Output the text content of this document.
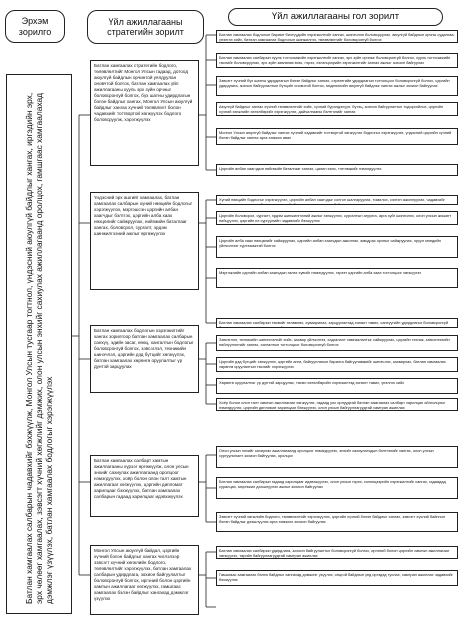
Эрхэм зорилго
Үйл ажиллагааны стратегийн зорилт
Үйл ажиллагааны гол зорилт
Батлан хамгаалах салбарын чадавхийг бэхжүүлж, Монгол Улсын тусгаар тогтнол, үндэсний аюулгүй байдлыг хангах, иргэдийн эрх, эрх чөлөөг хамгаалах, зэвсэгт хүчний хөгжлийг дэмжих, олон улсын энхийг сахиулах ажиллагаанд оролцох, гамшгаас хамгаалахад дэмжлэг үзүүлэх, батлан хамгаалах бодлогыг хэрэгжүүлэх
Батлан хамгаалах стратегийн бодлого, төлөвлөлтийг Монгол Улсын гадаад, дотоод аюулгүй байдлын орчинтой уялдуулан оновчтой болгох, батлан хамгаалах үйл ажиллагааны хууль эрх зүйн орчныг боловсронгуй болгох, бүх шатны удирдлагын бэлэн байдлыг хангах, Монгол Улсын аюулгүй байдлыг хангах хүчний төлөвлөлт болон чадавхийг тогтвортой хөгжүүлэх бодлого боловсруулж, хэрэгжүүлэх
Үндэсний эрх ашгийг хамгаалах, батлан хамгаалах салбарын хүний нөөцийн бодлогыг хэрэгжүүлэх, мэргэшсэн цэргийн албан хаагчдыг бэлтгэх, цэргийн алба хаах нөхцөлийг сайжруулах, нийгмийн баталгааг хангах, боловсрол, сургалт, эрдэм шинжилгээний ажлыг өргөжүүлэх
Батлан хамгаалах бодлогын хэрэгжилтийг хангах зорилгоор батлан хамгаалах салбарын санхүү, эдийн засаг, нөөц, хангалтын бодлогыг боловсронгуй болгох, зэвсэглэл, техникийн шинэчлэл, цэргийн дэд бүтцийг хөгжүүлэх, батлан хамгаалах хөрөнгө оруулалтыг үр дүнтэй зарцуулах
Батлан хамгаалах салбарт хамтын ажиллагааны хүрээг өргөжүүлж, олон улсын энхийг сахиулах ажиллагаанд оролцоог нэмэгдүүлэх, хоёр болон олон талт хамтын ажиллагааг хөгжүүлэх, цэргийн дипломат харилцааг бэхжүүлэх, батлан хамгаалах салбарын гадаад харилцааг идэвхжүүлэх
Монгол Улсын аюулгүй байдал, цэргийн хүчний бэлэн байдлыг хангах чиглэлээр зэвсэгт хүчний хөгжлийн бодлого, төлөвлөлтийг хэрэгжүүлэх, батлан хамгаалах салбарын удирдлага, зохион байгуулалтыг боловсронгуй болгох, иргэний болон цэргийн хамтын ажиллагааг хөгжүүлэх, гамшгаас хамгаалах бэлэн байдлыг хангахад дэмжлэг үзүүлэх
Батлан хамгаалах бодлогын баримт бичгүүдийн хэрэгжилтийг хангах, шинэчлэн боловсруулах, аюулгүй байдлын орчны судалгаа, үнэлгээ хийх, батлан хамгаалах бодлогын шинжилгээ, төлөвлөлтийг боловсронгуй болгох
Батлан хамгаалах салбарын хууль тогтоомжийн хэрэгжилтийг хангах, эрх зүйн орчныг боловсронгуй болгох, хууль тогтоомжийн төслийг боловсруулах, эрх зүйн зөвлөгөө өгөх, гэрээ, хэлэлцээрийн хэрэгжилтийг хангах ажлыг зохион байгуулах
Зэвсэгт хүчний бүх шатны удирдлагын бэлэн байдлыг хангах, стратегийн удирдлагын тогтолцоог боловсронгуй болгох, цэргийн удирдлага, зохион байгуулалтын бүтцийг оновчтой болгох, мэдээллийн аюулгүй байдлыг хангах ажлыг зохион байгуулах
Аюулгүй байдлыг хангах хүчний төлөвлөлтийг хийх, хүчний бүрэлдэхүүн, бүтэц, зохион байгуулалтыг тодорхойлох, цэргийн хүчний хөгжлийн хөтөлбөрийг хэрэгжүүлэх, дайчилгааны бэлтгэлийг хангах
Монгол Улсын аюулгүй байдлыг хангах хүчний чадавхийг тогтвортой хөгжүүлэх бодлогыг хэрэгжүүлэх, үндэсний цэргийн хүчний бэлэн байдлыг хангах арга хэмжээ авах
Цэргийн албан хаагчдын нийгмийн баталгааг хангах, цалин хөлс, тэтгэмжийг нэмэгдүүлэх
Хүний нөөцийн бодлогыг хэрэгжүүлэх, цэргийн албан хаагчдыг сонгон шалгаруулах, томилох, сэлгэн ажиллуулах, чадавхийг бэхжүүлэх, мэргэшсэн боловсон хүчнийг бэлтгэх ажлыг зохион байгуулах
Цэргийн боловсрол, сургалт, эрдэм шинжилгээний ажлыг хөгжүүлэх, сургалтын агуулга, арга зүйг шинэчлэх, олон улсын жишигт нийцүүлэх, цэргийн их сургуулийн чадавхийг бэхжүүлэх
Цэргийн алба хаах нөхцөлийг сайжруулах, цэргийн албан хаагчдын ажиллах, амьдрах орчныг сайжруулах, эрүүл мэндийн үйлчилгээг хүртээмжтэй болгох
Мэргэжлийн цэргийн албан хаагчдын эзлэх хувийг нэмэгдүүлэх, гэрээт цэргийн алба хаах тогтолцоог хөгжүүлэх
Батлан хамгаалах салбарын төсвийг төлөвлөх, хуваарилах, зарцуулалтад хяналт тавих, санхүүгийн удирдлагыг боловсронгуй болгох, дотоод хяналт, аудитыг сайжруулах
Зэвсэглэл, техникийн шинэчлэлийг хийх, засвар үйлчилгээ, хадгалалт хамгаалалтыг сайжруулах, цэргийн техник, зэвсэглэлийн нийлүүлэлтийг хангах, хангалтын тогтолцоог боловсронгуй болгох
Цэргийн дэд бүтцийг хөгжүүлэх, цэргийн анги, байгууллагын барилга байгууламжийг шинэчлэх, засварлах, батлан хамгаалах хөрөнгө оруулалтын төслийг хэрэгжүүлэх
Хөрөнгө оруулалтыг үр дүнтэй зарцуулах, төсөл хөтөлбөрийн хэрэгжилтэд хяналт тавих, үнэлгээ хийх
Хоёр болон олон талт хамтын ажиллагааг хөгжүүлэх, гадаад улс орнуудтай батлан хамгаалах салбарт харилцан ойлголцлыг нэмэгдүүлэх, цэргийн дипломат харилцааг бэхжүүлэх, олон улсын байгууллагуудтай хамтран ажиллах
Олон улсын энхийг сахиулах ажиллагаанд оролцоог нэмэгдүүлэх, энхийг сахиулагчдын бэлтгэлийг хангах, олон улсын сургуулилалт зохион байгуулах, оролцох
Батлан хамгаалах салбарын гадаад харилцааг идэвхжүүлэх, олон улсын гэрээ, хэлэлцээрийн хэрэгжилтийг хангах, гадаадад суралцах, мэргэжил дээшлүүлэх ажлыг зохион байгуулах
Зэвсэгт хүчний хөгжлийн бодлого, төлөвлөлтийг хэрэгжүүлэх, цэргийн хүчний бэлэн байдлыг хангах, зэвсэгт хүчний байнгын бэлэн байдлыг дээшлүүлэх арга хэмжээг зохион байгуулах
Батлан хамгаалах салбарын удирдлага, зохион байгуулалтыг боловсронгуй болгох, иргэний болон цэргийн хамтын ажиллагааг хөгжүүлэх, төрийн байгууллагуудтай хамтран ажиллах
Гамшгаас хамгаалах бэлэн байдлыг хангахад дэмжлэг үзүүлэх, онцгой байдлын үед иргэдэд туслах, хамтран ажиллах чадавхийг бэхжүүлэх
